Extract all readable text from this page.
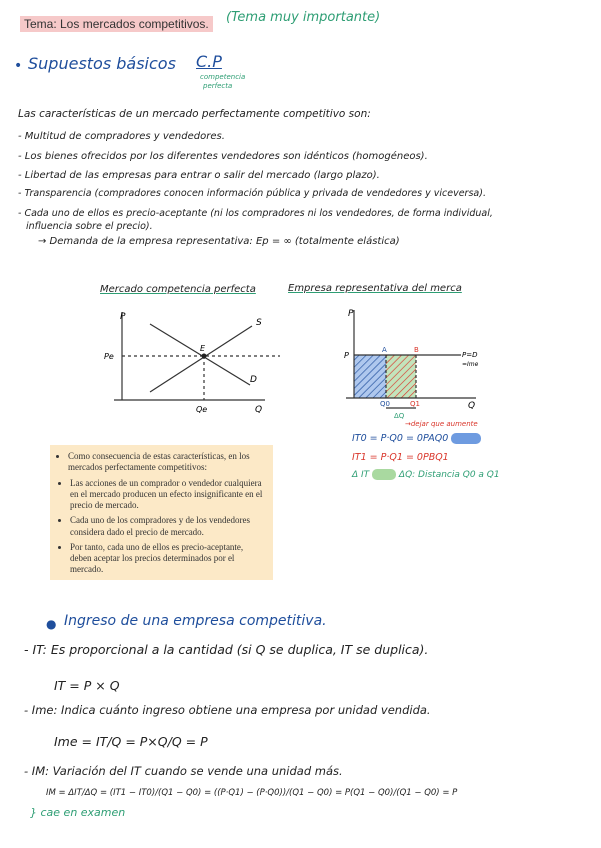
Tema: Los mercados competitivos.	(Tema muy importante)
• Supuestos básicos C.P
competencia
perfecta
Las características de un mercado perfectamente competitivo son:
- Multitud de compradores y vendedores.
- Los bienes ofrecidos por los diferentes vendedores son idénticos (homogéneos).
- Libertad de las empresas para entrar o salir del mercado (largo plazo).
- Transparencia (compradores conocen información pública y privada de vendedores y viceversa).
- Cada uno de ellos es precio-aceptante (ni los compradores ni los vendedores, de forma individual,
influencia sobre el precio).
→ Demanda de la empresa representativa: Ep = ∞ (totalmente elástica)
Mercado competencia perfecta
P
Q
S
D
E
Pe
Qe
Empresa representativa del merca
P
Q
P
A	B
Q0	Q1
ΔQ
P=D
=Ime
→dejar que aumente
IT0 = P·Q0 = 0PAQ0
IT1 = P·Q1 = 0PBQ1
Δ IT	ΔQ: Distancia Q0 a Q1
• Como consecuencia de estas características, en los mercados perfectamente competitivos:
• Las acciones de un comprador o vendedor cualquiera en el mercado producen un efecto insignificante en el precio de mercado.
• Cada uno de los compradores y de los vendedores considera dado el precio de mercado.
• Por tanto, cada uno de ellos es precio-aceptante, deben aceptar los precios determinados por el mercado.
● Ingreso de una empresa competitiva.
- IT: Es proporcional a la cantidad (si Q se duplica, IT se duplica).
IT = P × Q
- Ime: Indica cuánto ingreso obtiene una empresa por unidad vendida.
Ime = IT/Q = P×Q/Q = P
- IM: Variación del IT cuando se vende una unidad más.
IM = ΔIT/ΔQ = (IT1 − IT0)/(Q1 − Q0) = ((P·Q1) − (P·Q0))/(Q1 − Q0) = P(Q1 − Q0)/(Q1 − Q0) = P
} cae en examen
